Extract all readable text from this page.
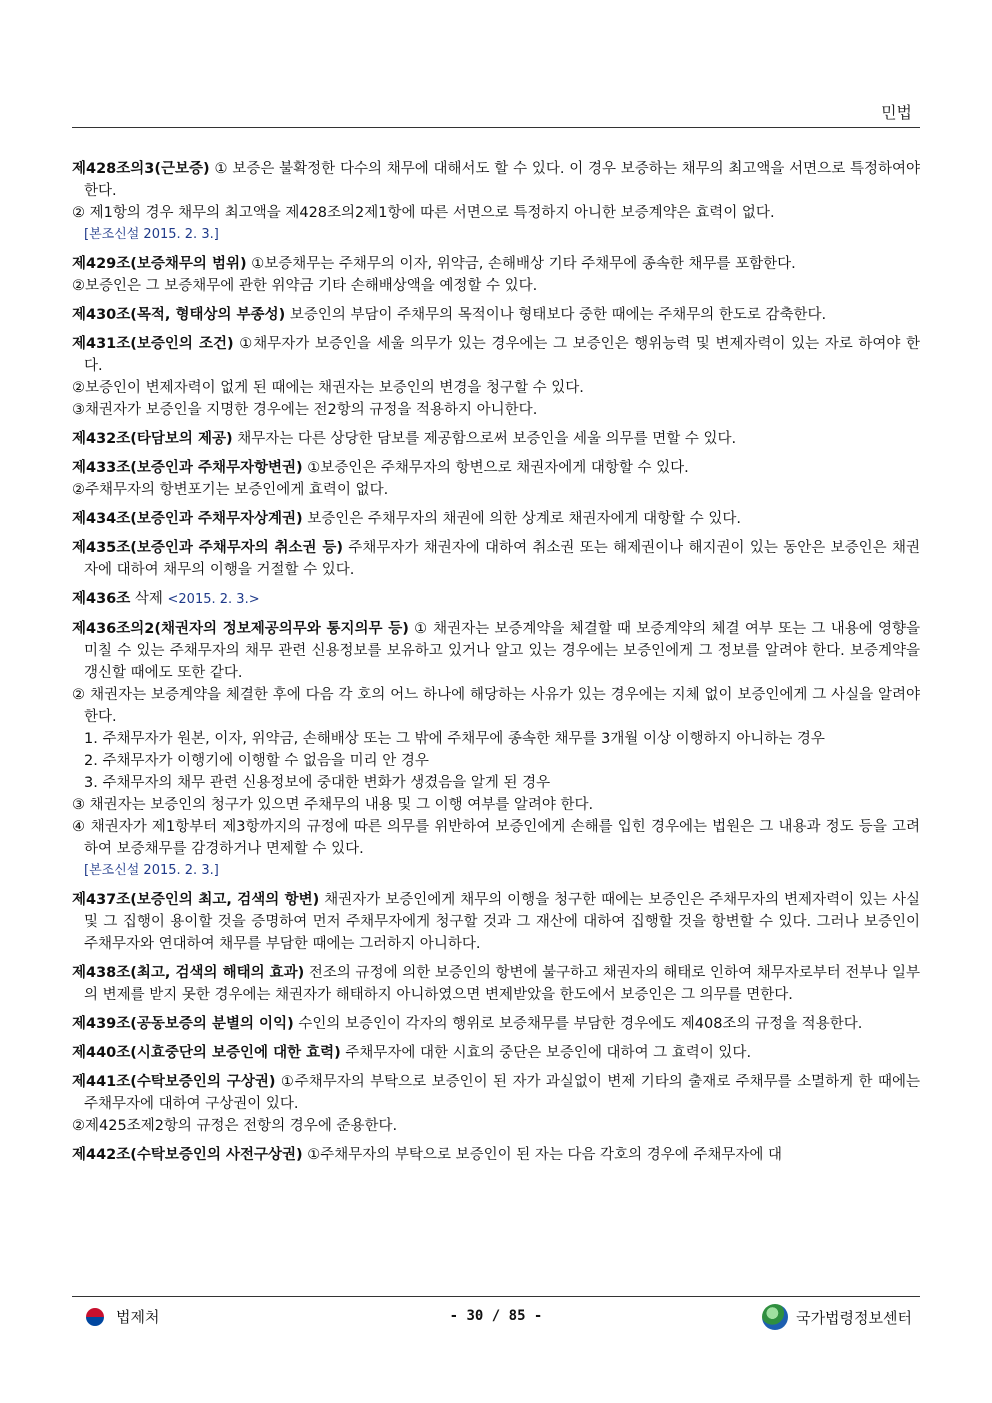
민법

제428조의3(근보증) ① 보증은 불확정한 다수의 채무에 대해서도 할 수 있다. 이 경우 보증하는 채무의 최고액을 서면으로 특정하여야 한다.

② 제1항의 경우 채무의 최고액을 제428조의2제1항에 따른 서면으로 특정하지 아니한 보증계약은 효력이 없다.

[본조신설 2015. 2. 3.]

제429조(보증채무의 범위) ①보증채무는 주채무의 이자, 위약금, 손해배상 기타 주채무에 종속한 채무를 포함한다.

②보증인은 그 보증채무에 관한 위약금 기타 손해배상액을 예정할 수 있다.

제430조(목적, 형태상의 부종성) 보증인의 부담이 주채무의 목적이나 형태보다 중한 때에는 주채무의 한도로 감축한다.

제431조(보증인의 조건) ①채무자가 보증인을 세울 의무가 있는 경우에는 그 보증인은 행위능력 및 변제자력이 있는 자로 하여야 한다.

②보증인이 변제자력이 없게 된 때에는 채권자는 보증인의 변경을 청구할 수 있다.

③채권자가 보증인을 지명한 경우에는 전2항의 규정을 적용하지 아니한다.

제432조(타담보의 제공) 채무자는 다른 상당한 담보를 제공함으로써 보증인을 세울 의무를 면할 수 있다.

제433조(보증인과 주채무자항변권) ①보증인은 주채무자의 항변으로 채권자에게 대항할 수 있다.

②주채무자의 항변포기는 보증인에게 효력이 없다.

제434조(보증인과 주채무자상계권) 보증인은 주채무자의 채권에 의한 상계로 채권자에게 대항할 수 있다.

제435조(보증인과 주채무자의 취소권 등) 주채무자가 채권자에 대하여 취소권 또는 해제권이나 해지권이 있는 동안은 보증인은 채권자에 대하여 채무의 이행을 거절할 수 있다.

제436조 삭제 <2015. 2. 3.>

제436조의2(채권자의 정보제공의무와 통지의무 등) ① 채권자는 보증계약을 체결할 때 보증계약의 체결 여부 또는 그 내용에 영향을 미칠 수 있는 주채무자의 채무 관련 신용정보를 보유하고 있거나 알고 있는 경우에는 보증인에게 그 정보를 알려야 한다. 보증계약을 갱신할 때에도 또한 같다.

② 채권자는 보증계약을 체결한 후에 다음 각 호의 어느 하나에 해당하는 사유가 있는 경우에는 지체 없이 보증인에게 그 사실을 알려야 한다.

1. 주채무자가 원본, 이자, 위약금, 손해배상 또는 그 밖에 주채무에 종속한 채무를 3개월 이상 이행하지 아니하는 경우

2. 주채무자가 이행기에 이행할 수 없음을 미리 안 경우

3. 주채무자의 채무 관련 신용정보에 중대한 변화가 생겼음을 알게 된 경우

③ 채권자는 보증인의 청구가 있으면 주채무의 내용 및 그 이행 여부를 알려야 한다.

④ 채권자가 제1항부터 제3항까지의 규정에 따른 의무를 위반하여 보증인에게 손해를 입힌 경우에는 법원은 그 내용과 정도 등을 고려하여 보증채무를 감경하거나 면제할 수 있다.

[본조신설 2015. 2. 3.]

제437조(보증인의 최고, 검색의 항변) 채권자가 보증인에게 채무의 이행을 청구한 때에는 보증인은 주채무자의 변제자력이 있는 사실 및 그 집행이 용이할 것을 증명하여 먼저 주채무자에게 청구할 것과 그 재산에 대하여 집행할 것을 항변할 수 있다. 그러나 보증인이 주채무자와 연대하여 채무를 부담한 때에는 그러하지 아니하다.

제438조(최고, 검색의 해태의 효과) 전조의 규정에 의한 보증인의 항변에 불구하고 채권자의 해태로 인하여 채무자로부터 전부나 일부의 변제를 받지 못한 경우에는 채권자가 해태하지 아니하였으면 변제받았을 한도에서 보증인은 그 의무를 면한다.

제439조(공동보증의 분별의 이익) 수인의 보증인이 각자의 행위로 보증채무를 부담한 경우에도 제408조의 규정을 적용한다.

제440조(시효중단의 보증인에 대한 효력) 주채무자에 대한 시효의 중단은 보증인에 대하여 그 효력이 있다.

제441조(수탁보증인의 구상권) ①주채무자의 부탁으로 보증인이 된 자가 과실없이 변제 기타의 출재로 주채무를 소멸하게 한 때에는 주채무자에 대하여 구상권이 있다.

②제425조제2항의 규정은 전항의 경우에 준용한다.

제442조(수탁보증인의 사전구상권) ①주채무자의 부탁으로 보증인이 된 자는 다음 각호의 경우에 주채무자에 대

법제처	- 30 / 85 -	국가법령정보센터
